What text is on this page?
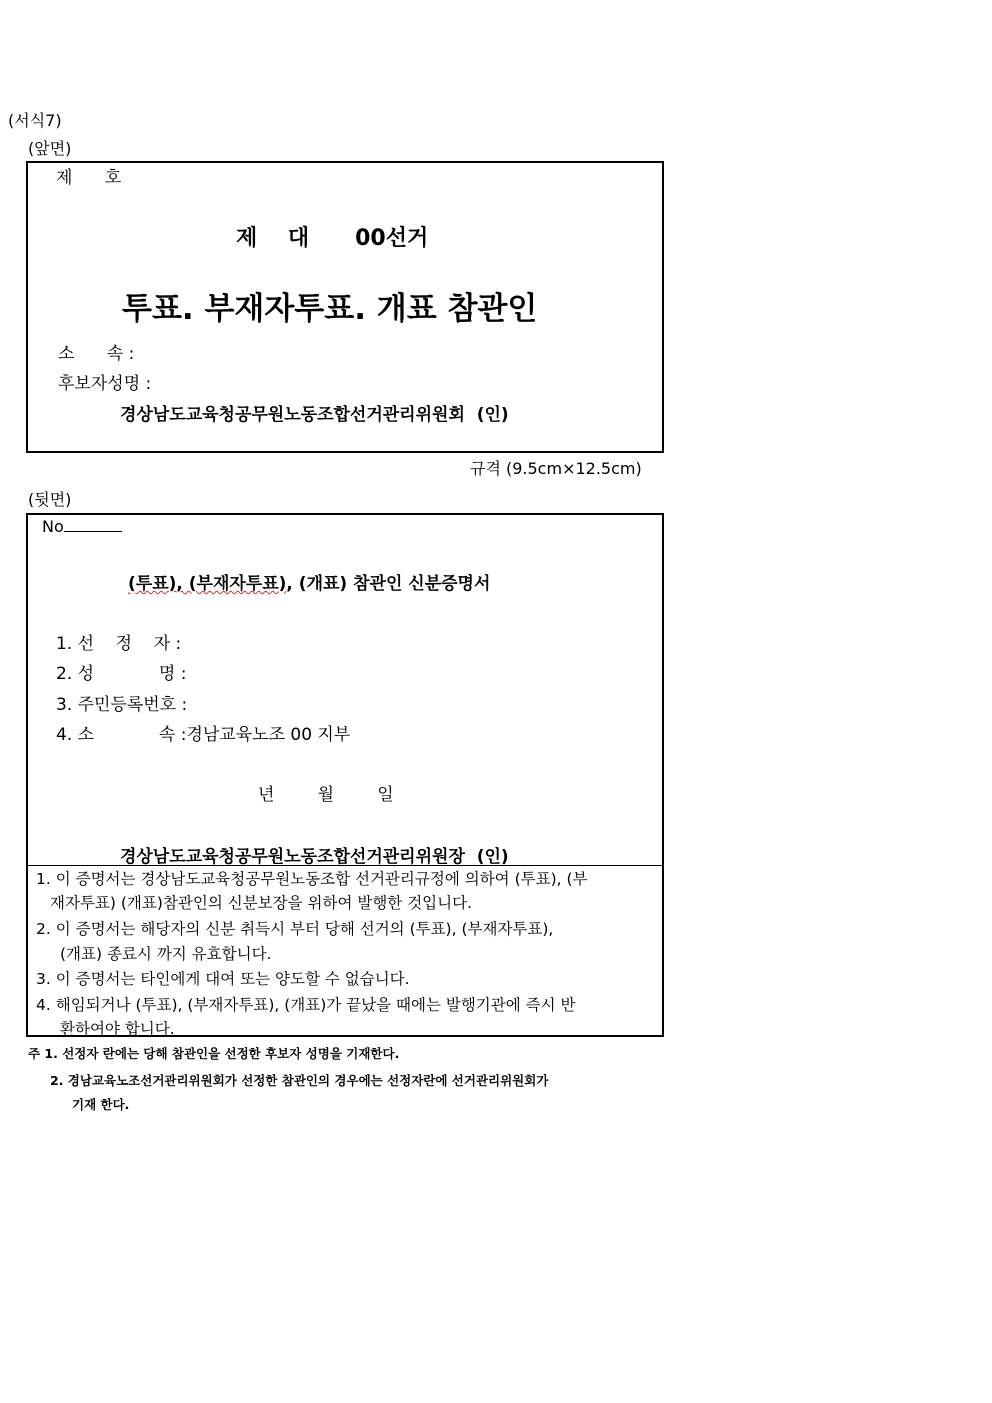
(서식7)
(앞면)
제      호
제    대      00선거
투표. 부재자투표. 개표 참관인
소      속 :
후보자성명 :
경상남도교육청공무원노동조합선거관리위원회  (인)
규격 (9.5cm×12.5cm)
(뒷면)
No
(투표), (부재자투표), (개표) 참관인 신분증명서
1. 선    정    자 :
2. 성            명 :
3. 주민등록번호 :
4. 소            속 :경남교육노조 00 지부
년        월        일
경상남도교육청공무원노동조합선거관리위원장  (인)
1. 이 증명서는 경상남도교육청공무원노동조합 선거관리규정에 의하여 (투표), (부
재자투표) (개표)참관인의 신분보장을 위하여 발행한 것입니다.
2. 이 증명서는 해당자의 신분 취득시 부터 당해 선거의 (투표), (부재자투표),
(개표) 종료시 까지 유효합니다.
3. 이 증명서는 타인에게 대여 또는 양도할 수 없습니다.
4. 해임되거나 (투표), (부재자투표), (개표)가 끝났을 때에는 발행기관에 즉시 반
환하여야 합니다.
주 1. 선정자 란에는 당해 참관인을 선정한 후보자 성명을 기재한다.
2. 경남교육노조선거관리위원회가 선정한 참관인의 경우에는 선정자란에 선거관리위원회가
기재 한다.
